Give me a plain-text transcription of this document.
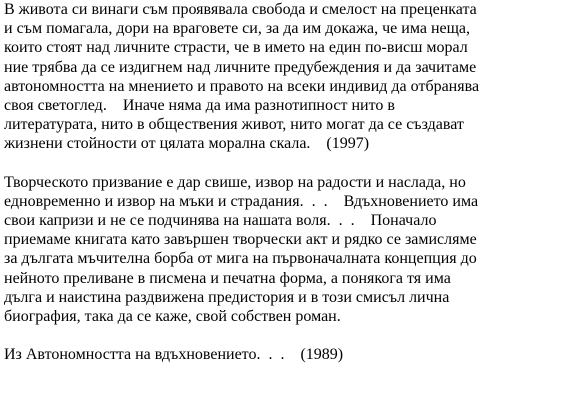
В живота си винаги съм проявявала свобода и смелост на преценката
и съм помагала, дори на враговете си, за да им докажа, че има неща,
които стоят над личните страсти, че в името на един по-висш морал
ние трябва да се издигнем над личните предубеждения и да зачитаме
автономността на мнението и правото на всеки индивид да отбранява
своя светоглед.    Иначе няма да има разнотипност нито в
литературата, нито в обществения живот, нито могат да се създават
жизнени стойности от цялата морална скала.    (1997)
Творческото призвание е дар свише, извор на радости и наслада, но
едновременно и извор на мъки и страдания.  .  .    Вдъхновението има
свои капризи и не се подчинява на нашата воля.  .  .    Поначало
приемаме книгата като завършен творчески акт и рядко се замисляме
за дългата мъчителна борба от мига на първоначалната концепция до
нейното преливане в писмена и печатна форма, а понякога тя има
дълга и наистина раздвижена предистория и в този смисъл лична
биография, така да се каже, свой собствен роман.
Из Автономността на вдъхновението.  .  .    (1989)
